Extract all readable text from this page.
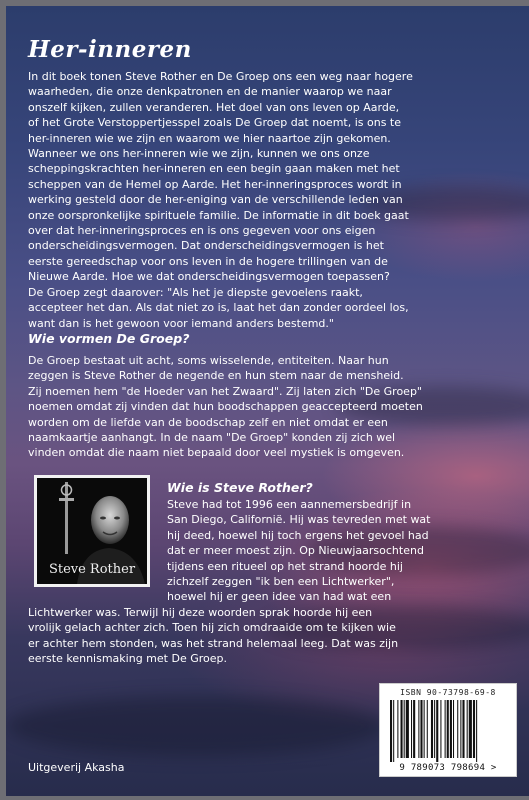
Her-inneren

In dit boek tonen Steve Rother en De Groep ons een weg naar hogere
waarheden, die onze denkpatronen en de manier waarop we naar
onszelf kijken, zullen veranderen. Het doel van ons leven op Aarde,
of het Grote Verstoppertjesspel zoals De Groep dat noemt, is ons te
her-inneren wie we zijn en waarom we hier naartoe zijn gekomen.
Wanneer we ons her-inneren wie we zijn, kunnen we ons onze
scheppingskrachten her-inneren en een begin gaan maken met het
scheppen van de Hemel op Aarde. Het her-inneringsproces wordt in
werking gesteld door de her-eniging van de verschillende leden van
onze oorspronkelijke spirituele familie. De informatie in dit boek gaat
over dat her-inneringsproces en is ons gegeven voor ons eigen
onderscheidingsvermogen. Dat onderscheidingsvermogen is het
eerste gereedschap voor ons leven in de hogere trillingen van de
Nieuwe Aarde. Hoe we dat onderscheidingsvermogen toepassen?
De Groep zegt daarover: "Als het je diepste gevoelens raakt,
accepteer het dan. Als dat niet zo is, laat het dan zonder oordeel los,
want dan is het gewoon voor iemand anders bestemd."

Wie vormen De Groep?

De Groep bestaat uit acht, soms wisselende, entiteiten. Naar hun
zeggen is Steve Rother de negende en hun stem naar de mensheid.
Zij noemen hem "de Hoeder van het Zwaard". Zij laten zich "De Groep"
noemen omdat zij vinden dat hun boodschappen geaccepteerd moeten
worden om de liefde van de boodschap zelf en niet omdat er een
naamkaartje aanhangt. In de naam "De Groep" konden zij zich wel
vinden omdat die naam niet bepaald door veel mystiek is omgeven.

Steve Rother
Wie is Steve Rother?

Steve had tot 1996 een aannemersbedrijf in
San Diego, Californië. Hij was tevreden met wat
hij deed, hoewel hij toch ergens het gevoel had
dat er meer moest zijn. Op Nieuwjaarsochtend
tijdens een ritueel op het strand hoorde hij
zichzelf zeggen "ik ben een Lichtwerker",
hoewel hij er geen idee van had wat een

Lichtwerker was. Terwijl hij deze woorden sprak hoorde hij een
vrolijk gelach achter zich. Toen hij zich omdraaide om te kijken wie
er achter hem stonden, was het strand helemaal leeg. Dat was zijn
eerste kennismaking met De Groep.

ISBN 90-73798-69-8
9 789073 798694 >

Uitgeverij Akasha
